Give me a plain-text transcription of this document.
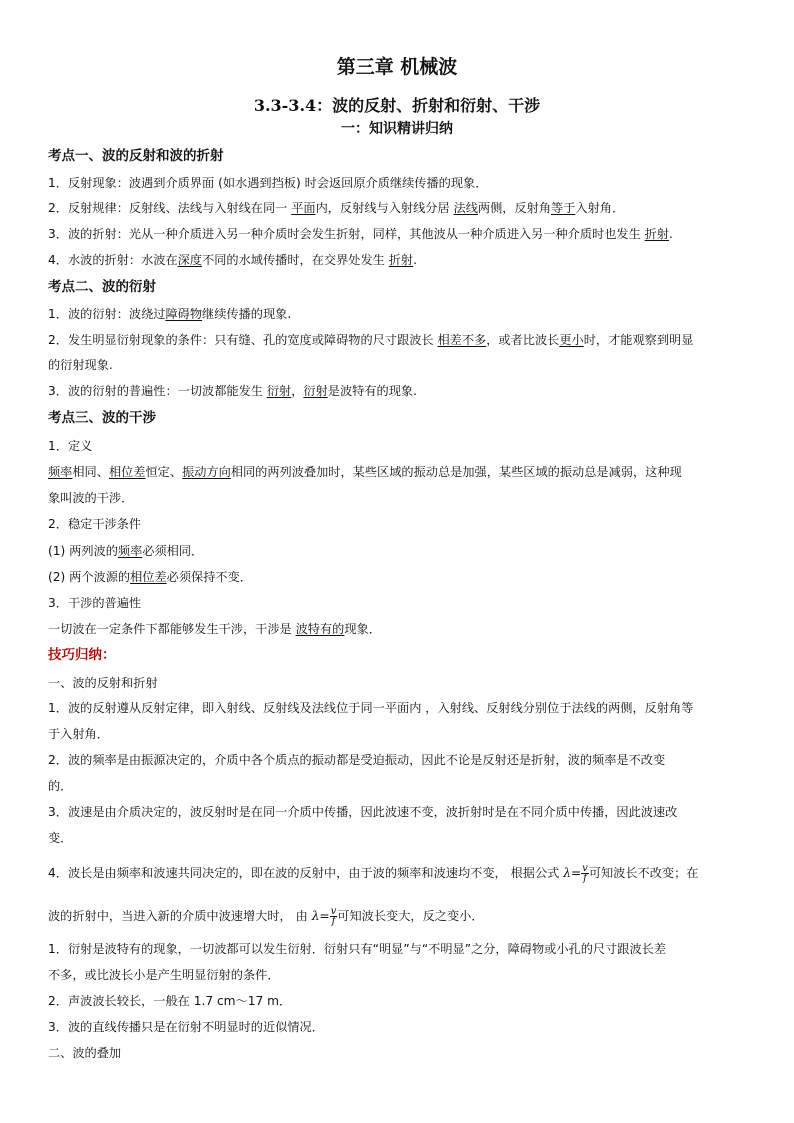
第三章 机械波
3.3-3.4：波的反射、折射和衍射、干涉
一：知识精讲归纳
考点一、波的反射和波的折射
1．反射现象：波遇到介质界面 (如水遇到挡板) 时会返回原介质继续传播的现象．
2．反射规律：反射线、法线与入射线在同一 平面内，反射线与入射线分居 法线两侧，反射角等于入射角．
3．波的折射：光从一种介质进入另一种介质时会发生折射，同样，其他波从一种介质进入另一种介质时也发生 折射.
4．水波的折射：水波在深度不同的水域传播时，在交界处发生 折射.
考点二、波的衍射
1．波的衍射：波绕过障碍物继续传播的现象.
2．发生明显衍射现象的条件：只有缝、孔的宽度或障碍物的尺寸跟波长 相差不多，或者比波长更小时，才能观察到明显
的衍射现象.
3．波的衍射的普遍性：一切波都能发生 衍射，衍射是波特有的现象.
考点三、波的干涉
1．定义
频率相同、相位差恒定、振动方向相同的两列波叠加时，某些区域的振动总是加强，某些区域的振动总是减弱，这种现
象叫波的干涉．
2．稳定干涉条件
(1) 两列波的频率必须相同．
(2) 两个波源的相位差必须保持不变．
3．干涉的普遍性
一切波在一定条件下都能够发生干涉，干涉是 波特有的现象．
技巧归纳：
一、波的反射和折射
1．波的反射遵从反射定律，即入射线、反射线及法线位于同一平面内 ，入射线、反射线分别位于法线的两侧，反射角等
于入射角．
2．波的频率是由振源决定的，介质中各个质点的振动都是受迫振动，因此不论是反射还是折射，波的频率是不改变
的．
3．波速是由介质决定的，波反射时是在同一介质中传播，因此波速不变，波折射时是在不同介质中传播，因此波速改
变．
4．波长是由频率和波速共同决定的，即在波的反射中，由于波的频率和波速均不变， 根据公式 $\lambda= \frac{v}{f}$ 可知波长不改变；在
波的折射中，当进入新的介质中波速增大时， 由 $\lambda= \frac{v}{f}$ 可知波长变大，反之变小．
1．衍射是波特有的现象，一切波都可以发生衍射．衍射只有“明显”与“不明显”之分，障碍物或小孔的尺寸跟波长差
不多，或比波长小是产生明显衍射的条件．
2．声波波长较长，一般在 1.7 cm～17 m．
3．波的直线传播只是在衍射不明显时的近似情况．
二、波的叠加
